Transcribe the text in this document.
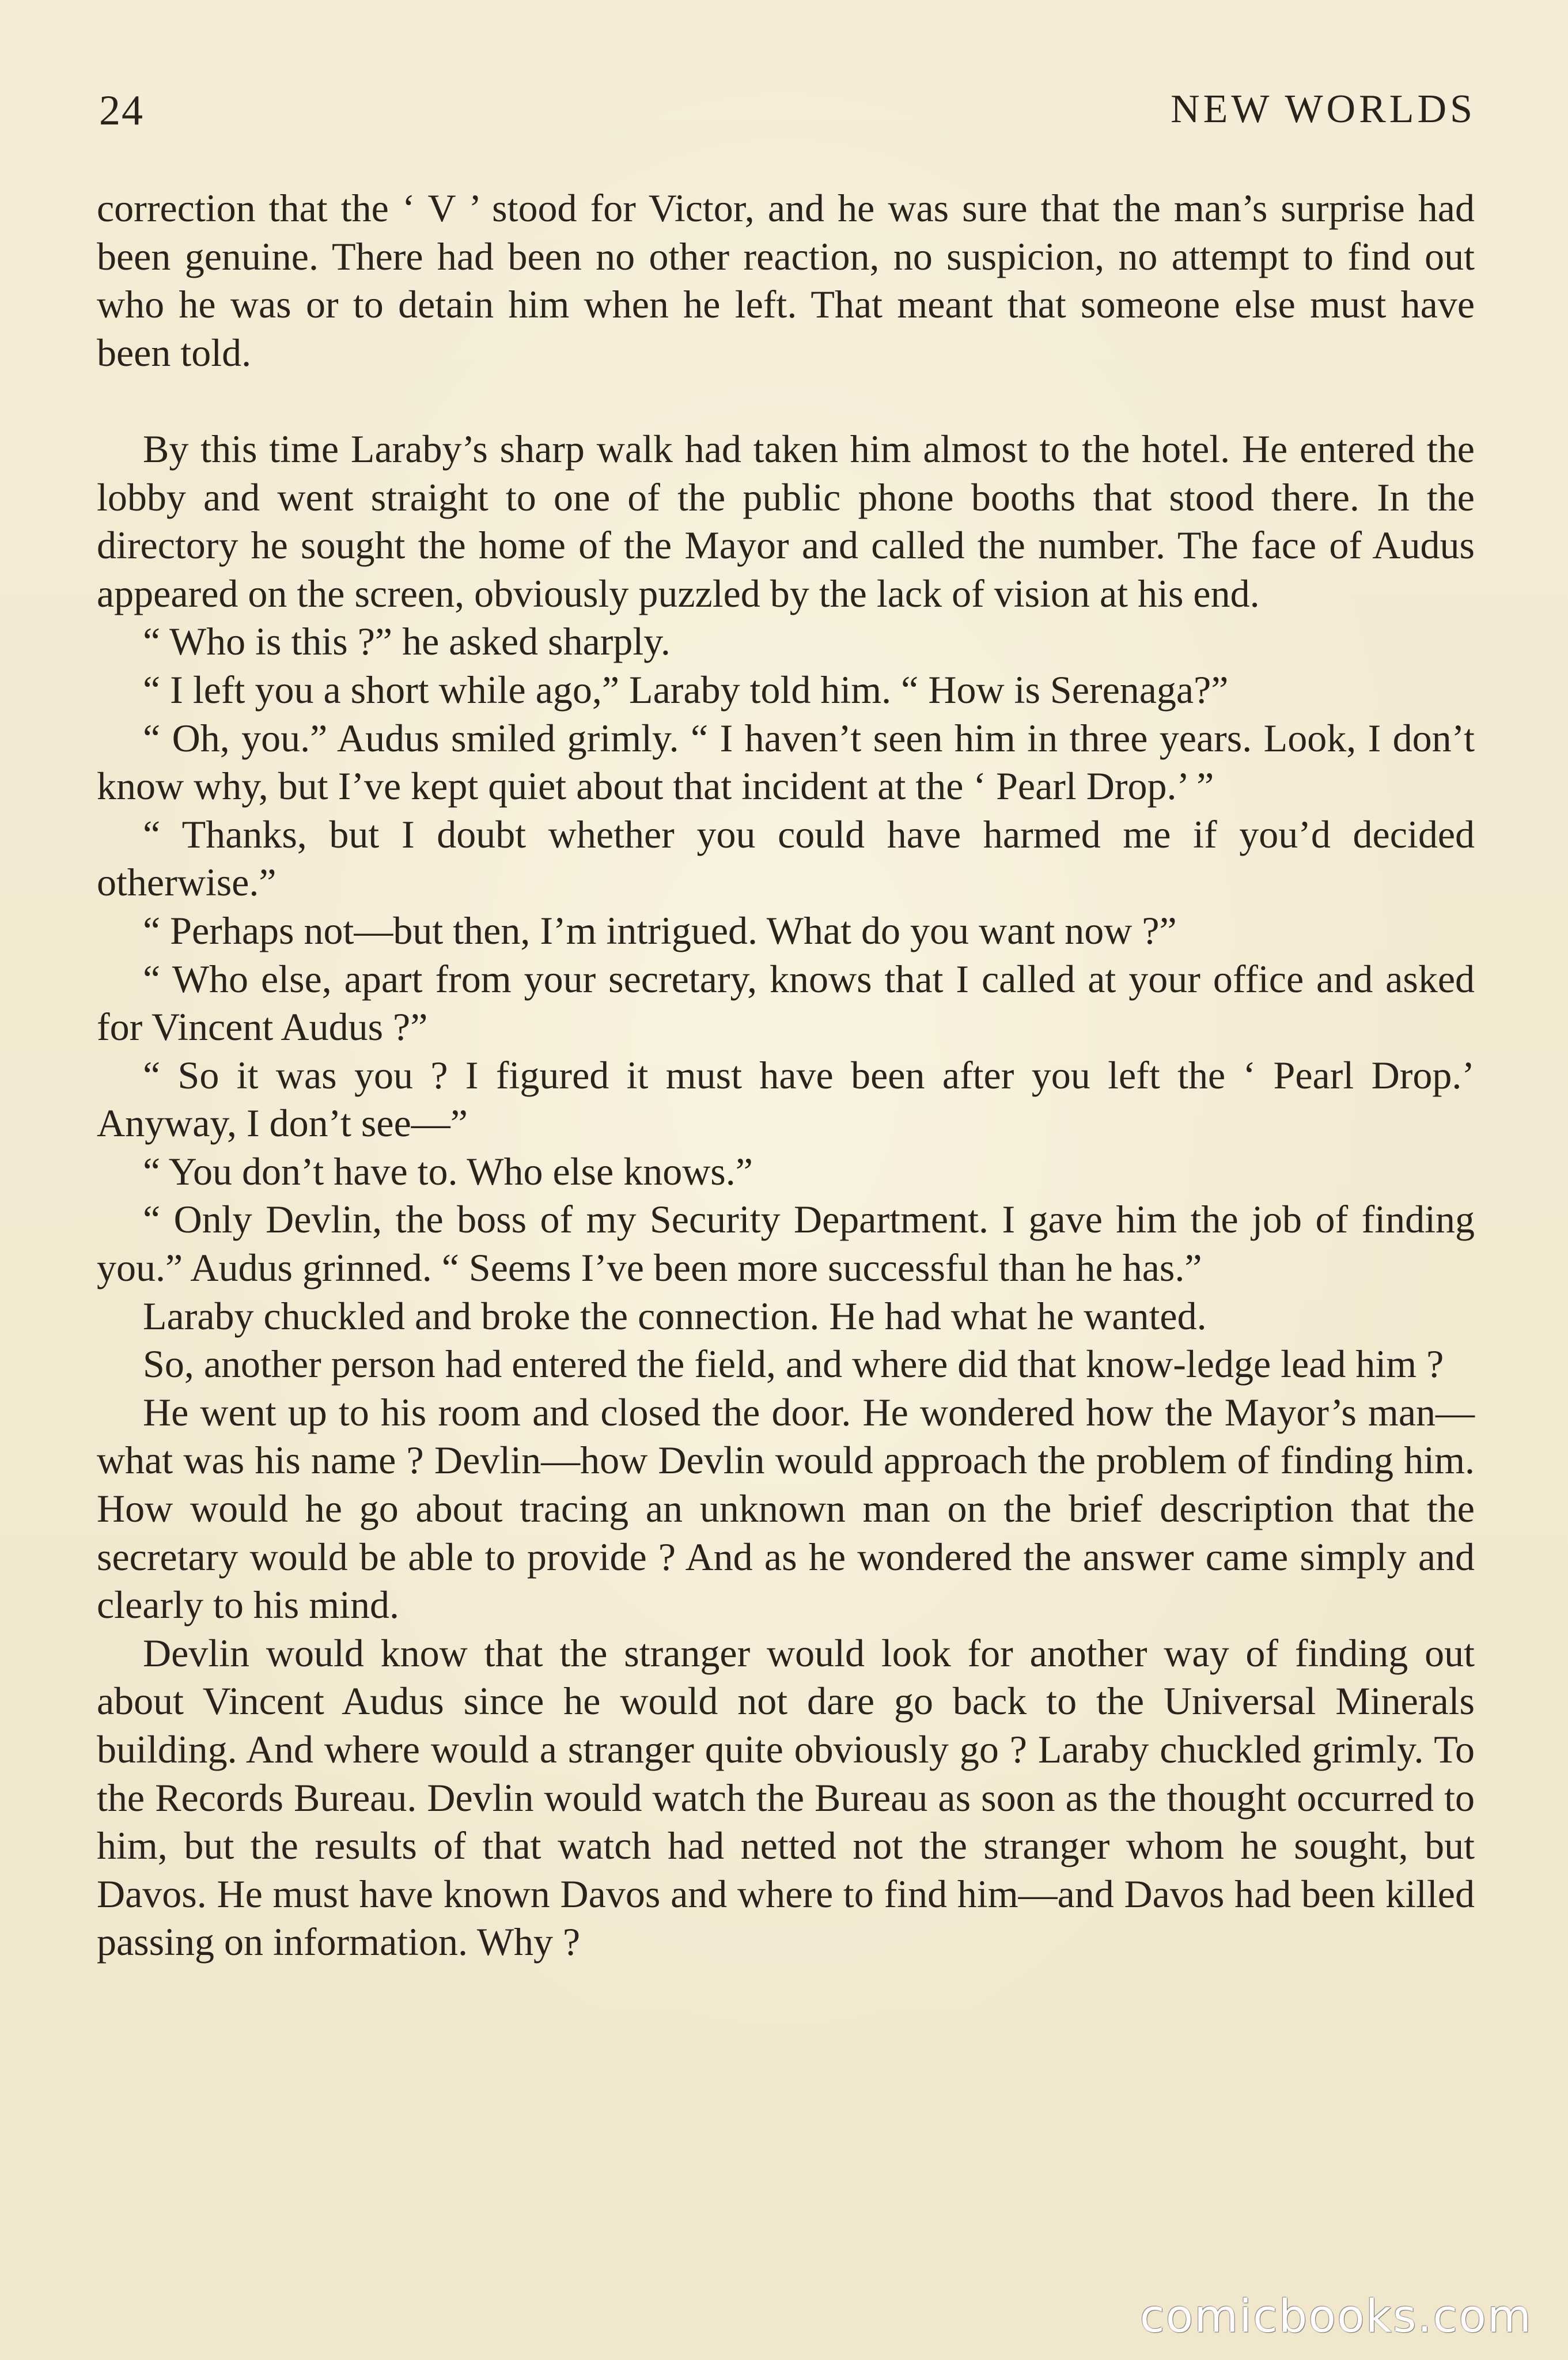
24	NEW WORLDS

correction that the ‘ V ’ stood for Victor, and he was sure that the man’s surprise had been genuine. There had been no other reaction, no suspicion, no attempt to find out who he was or to detain him when he left. That meant that someone else must have been told.

By this time Laraby’s sharp walk had taken him almost to the hotel. He entered the lobby and went straight to one of the public phone booths that stood there. In the directory he sought the home of the Mayor and called the number. The face of Audus appeared on the screen, obviously puzzled by the lack of vision at his end.

“ Who is this ?” he asked sharply.

“ I left you a short while ago,” Laraby told him. “ How is Serenaga?”

“ Oh, you.” Audus smiled grimly. “ I haven’t seen him in three years. Look, I don’t know why, but I’ve kept quiet about that incident at the ‘ Pearl Drop.’ ”

“ Thanks, but I doubt whether you could have harmed me if you’d decided otherwise.”

“ Perhaps not—but then, I’m intrigued. What do you want now ?”

“ Who else, apart from your secretary, knows that I called at your office and asked for Vincent Audus ?”

“ So it was you ? I figured it must have been after you left the ‘ Pearl Drop.’ Anyway, I don’t see—”

“ You don’t have to. Who else knows.”

“ Only Devlin, the boss of my Security Department. I gave him the job of finding you.” Audus grinned. “ Seems I’ve been more successful than he has.”

Laraby chuckled and broke the connection. He had what he wanted.

So, another person had entered the field, and where did that know-ledge lead him ?

He went up to his room and closed the door. He wondered how the Mayor’s man—what was his name ? Devlin—how Devlin would approach the problem of finding him. How would he go about tracing an unknown man on the brief description that the secretary would be able to provide ? And as he wondered the answer came simply and clearly to his mind.

Devlin would know that the stranger would look for another way of finding out about Vincent Audus since he would not dare go back to the Universal Minerals building. And where would a stranger quite obviously go ? Laraby chuckled grimly. To the Records Bureau. Devlin would watch the Bureau as soon as the thought occurred to him, but the results of that watch had netted not the stranger whom he sought, but Davos. He must have known Davos and where to find him—and Davos had been killed passing on information. Why ?

comicbooks.com
